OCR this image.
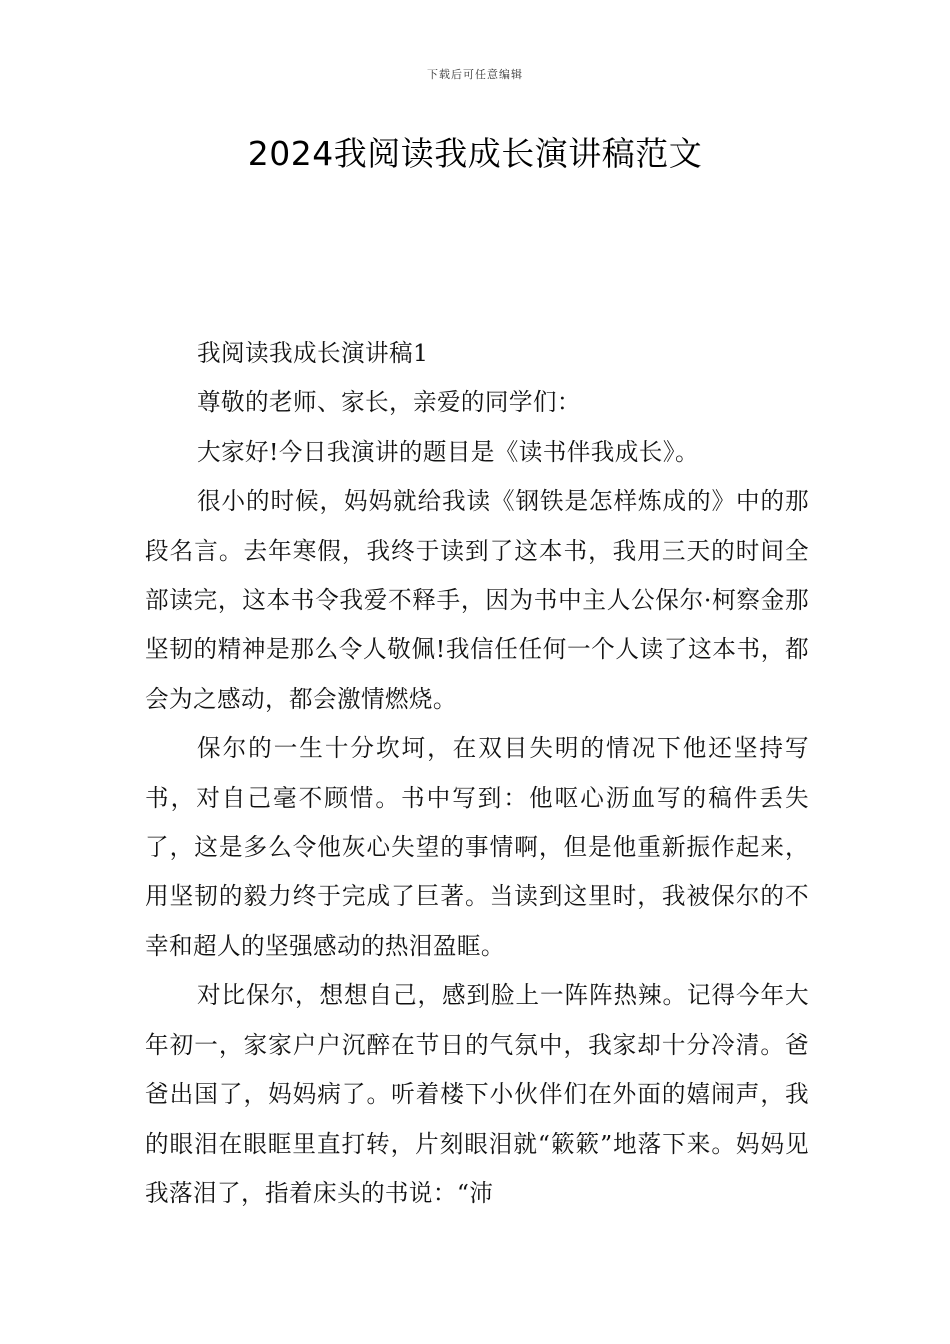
下载后可任意编辑
2024我阅读我成长演讲稿范文

我阅读我成长演讲稿1

尊敬的老师、家长，亲爱的同学们：

大家好!今日我演讲的题目是《读书伴我成长》。

很小的时候，妈妈就给我读《钢铁是怎样炼成的》中的那段名言。去年寒假，我终于读到了这本书，我用三天的时间全部读完，这本书令我爱不释手，因为书中主人公保尔·柯察金那坚韧的精神是那么令人敬佩!我信任任何一个人读了这本书，都会为之感动，都会激情燃烧。

保尔的一生十分坎坷，在双目失明的情况下他还坚持写书，对自己毫不顾惜。书中写到：他呕心沥血写的稿件丢失了，这是多么令他灰心失望的事情啊，但是他重新振作起来，用坚韧的毅力终于完成了巨著。当读到这里时，我被保尔的不幸和超人的坚强感动的热泪盈眶。

对比保尔，想想自己，感到脸上一阵阵热辣。记得今年大年初一，家家户户沉醉在节日的气氛中，我家却十分冷清。爸爸出国了，妈妈病了。听着楼下小伙伴们在外面的嬉闹声，我的眼泪在眼眶里直打转，片刻眼泪就“簌簌”地落下来。妈妈见我落泪了，指着床头的书说：“沛
